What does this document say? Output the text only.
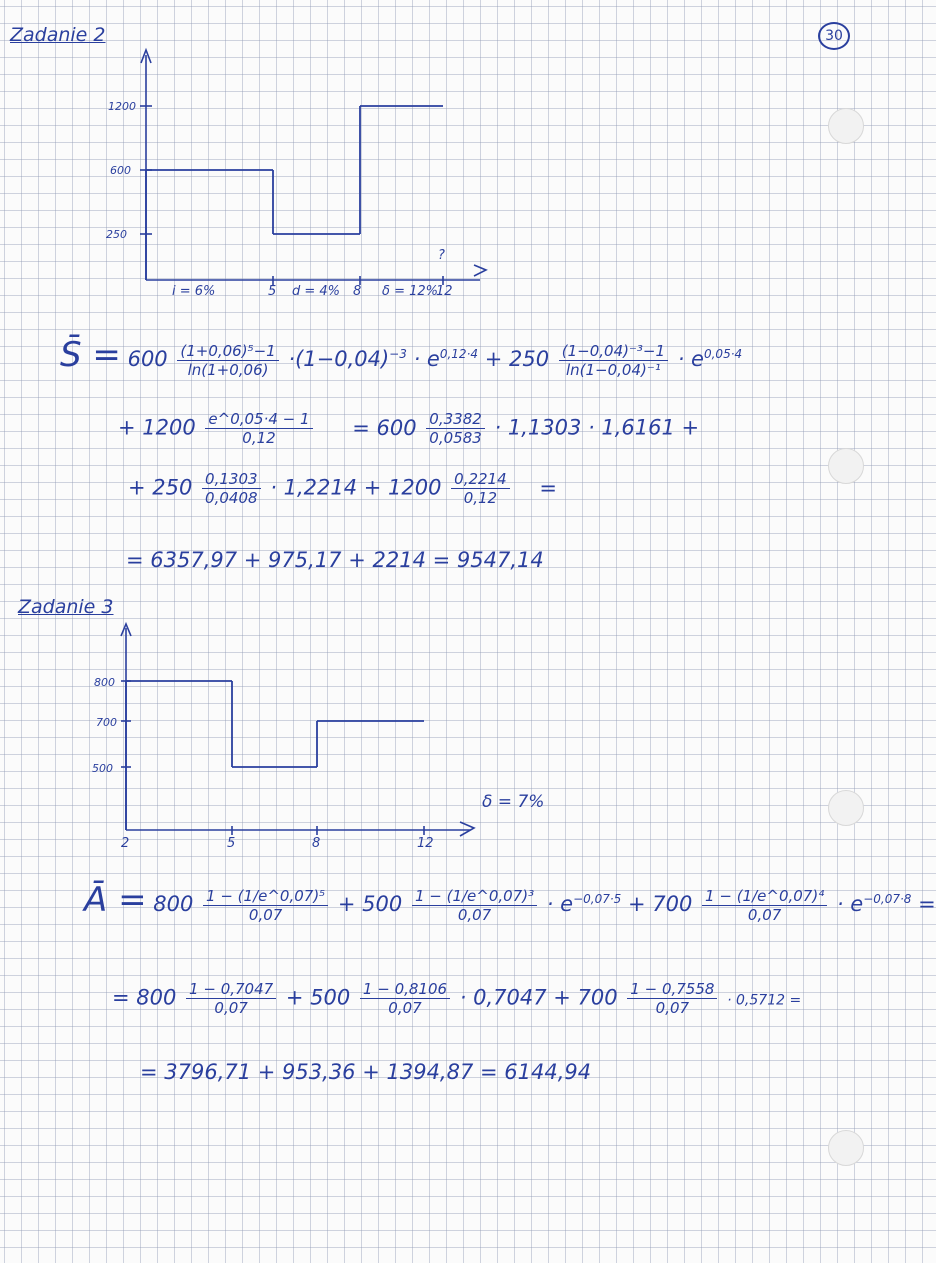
30
Zadanie 2
1200
600
250
i = 6%	5 d = 4% 8 δ = 12%
12
?
S̄ = $600 \frac{\text{(1+0,06)⁵−1}}{\ln(1+0,06)} \cdot(1-0,04)^{-3} \cdot e^{0,12\cdot 4} + 250 \frac{\text{(1−0,04)⁻³−1}}{\text{ln(1−0,04)⁻¹}} \cdot e^{0,05\cdot 4}$
+ $1200 \frac{e\^{}0,05\cdot 4 - 1}{0,12} = 600 \frac{0,3382}{0,0583} \cdot 1,1303 \cdot 1,6161$ +
+ $250 \frac{0,1303}{0,0408} \cdot 1,2214 + 1200 \frac{0,2214}{0,12}$ =
= 6357,97 + 975,17 + 2214 = 9547,14
Zadanie 3
800
700
500
2	5	8	12
δ = 7%
Ā = $800 \frac{\text{1 − (1/e\textasciicircum{}0,07)⁵}}{0,07} + 500 \frac{\text{1 − (1/e\textasciicircum{}0,07)³}}{0,07} \cdot e^{-0,07\cdot 5} + 700 \frac{\text{1 − (1/e\textasciicircum{}0,07)⁴}}{0,07} \cdot e^{-0,07\cdot 8}$ =
= $800 \frac{1 - 0,7047}{0,07} + 500 \frac{1 - 0,8106}{0,07} \cdot 0,7047 + 700 \frac{1 - 0,7558}{0,07} \cdot 0,5712$ =
= 3796,71 + 953,36 + 1394,87 = 6144,94
